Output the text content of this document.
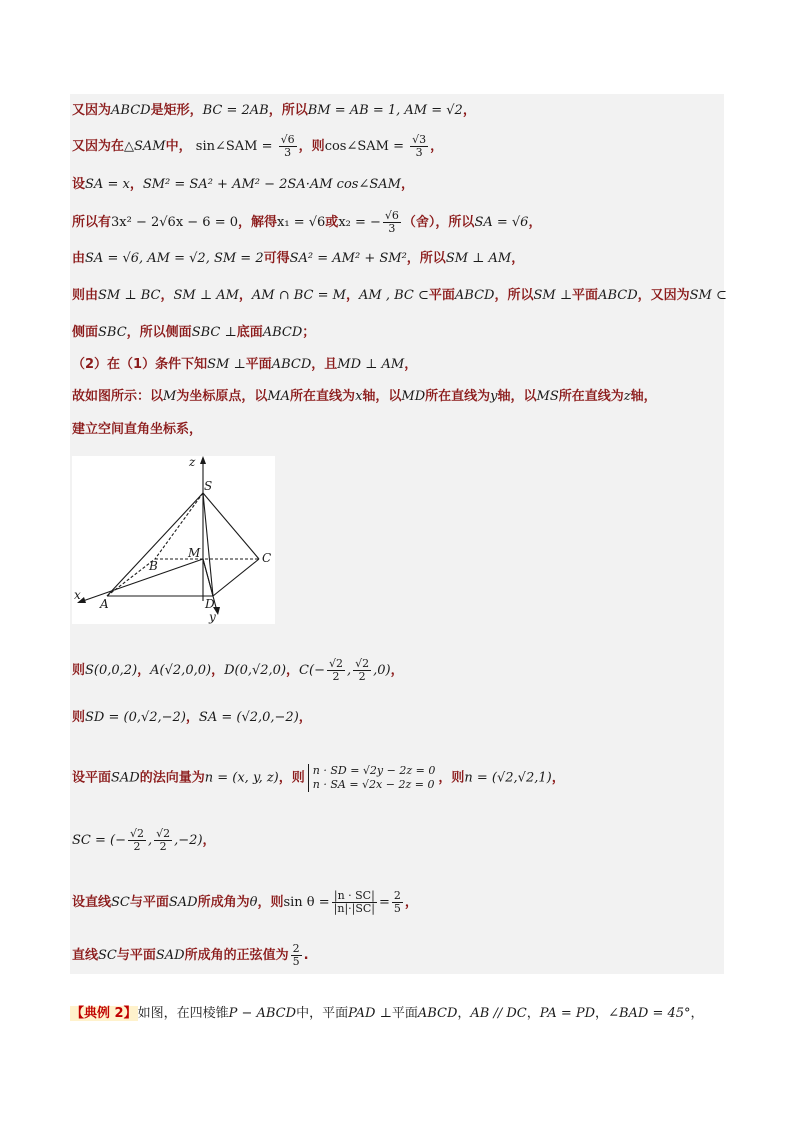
又因为ABCD是矩形，BC = 2AB，所以BM = AB = 1, AM = √2，
又因为在△SAM中， sin∠SAM = $\frac{√6}{3}$ ，则cos∠SAM = $\frac{√3}{3}$ ，
设SA = x，SM² = SA² + AM² − 2SA·AM cos∠SAM，
所以有3x² − 2√6x − 6 = 0，解得x₁ = √6或x₂ = − $\frac{√6}{3}$ （舍），所以SA = √6，
由SA = √6, AM = √2, SM = 2可得SA² = AM² + SM²，所以SM ⊥ AM，
则由SM ⊥ BC，SM ⊥ AM，AM ∩ BC = M，AM , BC ⊂平面ABCD，所以SM ⊥平面ABCD，又因为SM ⊂
侧面SBC，所以侧面SBC ⊥底面ABCD；
（2）在（1）条件下知SM ⊥平面ABCD，且MD ⊥ AM，
故如图所示：以M为坐标原点，以MA所在直线为x轴，以MD所在直线为y轴，以MS所在直线为z轴，
建立空间直角坐标系，
z
S
M
B
C
x
A	D
y
则S(0,0,2)，A(√2,0,0)，D(0,√2,0)，$C(- \frac{√2}{2}$ , $\frac{√2}{2} ,0$)，
则SD = (0,√2,−2)，SA = (√2,0,−2)，
设平面SAD的法向量为n = (x, y, z)，则 n · SD = √2y − 2z = 0
n · SA = √2x − 2z = 0 ，则n = (√2,√2,1)，
SC = (− $\frac{√2}{2}$ , $\frac{√2}{2} ,-2$)，
设直线SC与平面SAD所成角为θ，则$\sin \theta = \frac{|n \cdot SC|}{|n|\cdot|SC|} = \frac{2}{5}$ ，
直线SC与平面SAD所成角的正弦值为 $\frac{2}{5}$ .
【典例 2】如图，在四棱锥P − ABCD中，平面PAD ⊥平面ABCD，AB // DC，PA = PD，∠BAD = 45°，
